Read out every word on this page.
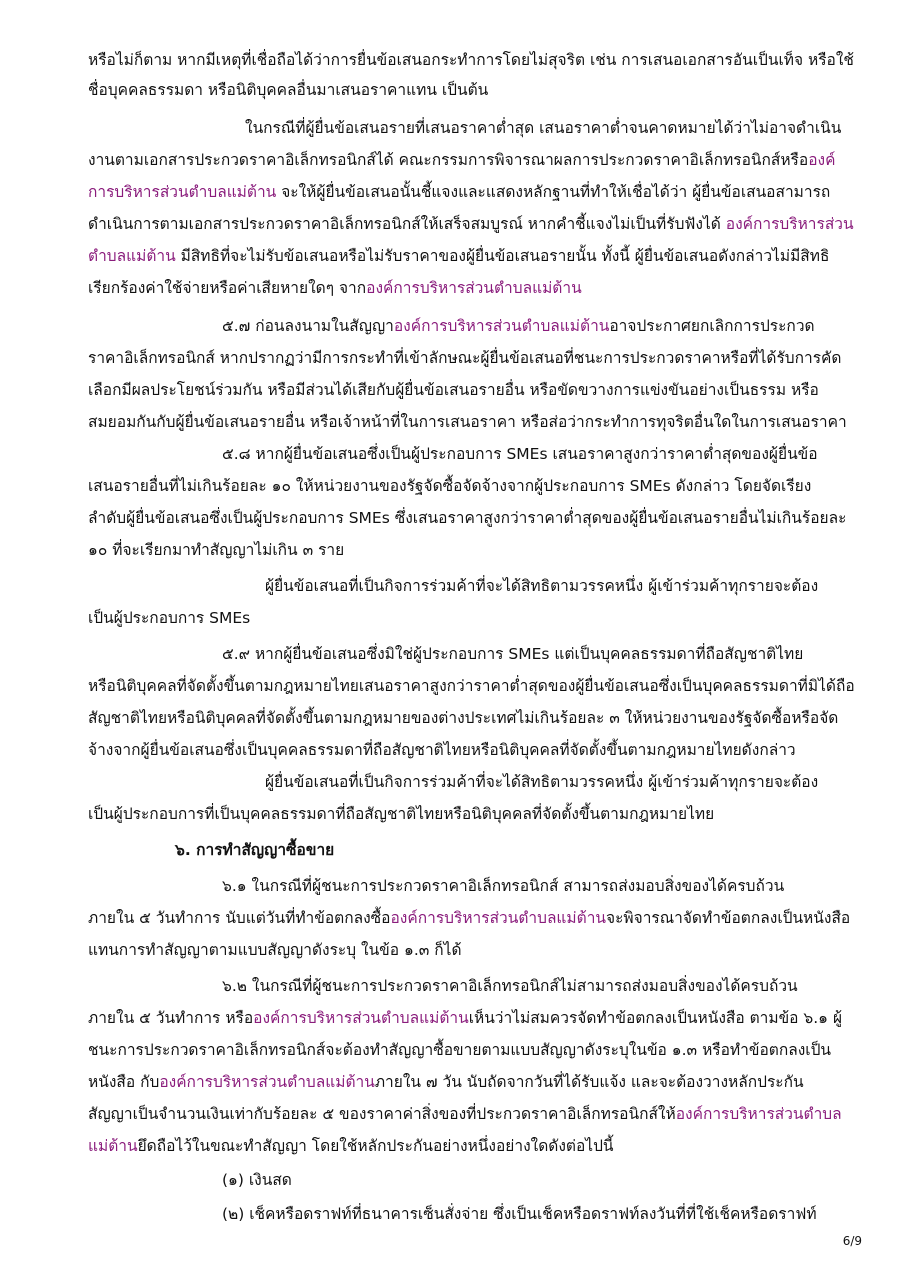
หรือไม่ก็ตาม หากมีเหตุที่เชื่อถือได้ว่าการยื่นข้อเสนอกระทำการโดยไม่สุจริต เช่น การเสนอเอกสารอันเป็นเท็จ หรือใช้
ชื่อบุคคลธรรมดา หรือนิติบุคคลอื่นมาเสนอราคาแทน เป็นต้น
ในกรณีที่ผู้ยื่นข้อเสนอรายที่เสนอราคาต่ำสุด เสนอราคาต่ำจนคาดหมายได้ว่าไม่อาจดำเนิน
งานตามเอกสารประกวดราคาอิเล็กทรอนิกส์ได้ คณะกรรมการพิจารณาผลการประกวดราคาอิเล็กทรอนิกส์หรือองค์
การบริหารส่วนตำบลแม่ต้าน จะให้ผู้ยื่นข้อเสนอนั้นชี้แจงและแสดงหลักฐานที่ทำให้เชื่อได้ว่า ผู้ยื่นข้อเสนอสามารถ
ดำเนินการตามเอกสารประกวดราคาอิเล็กทรอนิกส์ให้เสร็จสมบูรณ์ หากคำชี้แจงไม่เป็นที่รับฟังได้ องค์การบริหารส่วน
ตำบลแม่ต้าน มีสิทธิที่จะไม่รับข้อเสนอหรือไม่รับราคาของผู้ยื่นข้อเสนอรายนั้น ทั้งนี้ ผู้ยื่นข้อเสนอดังกล่าวไม่มีสิทธิ
เรียกร้องค่าใช้จ่ายหรือค่าเสียหายใดๆ จากองค์การบริหารส่วนตำบลแม่ต้าน
๕.๗ ก่อนลงนามในสัญญาองค์การบริหารส่วนตำบลแม่ต้านอาจประกาศยกเลิกการประกวด
ราคาอิเล็กทรอนิกส์ หากปรากฏว่ามีการกระทำที่เข้าลักษณะผู้ยื่นข้อเสนอที่ชนะการประกวดราคาหรือที่ได้รับการคัด
เลือกมีผลประโยชน์ร่วมกัน หรือมีส่วนได้เสียกับผู้ยื่นข้อเสนอรายอื่น หรือขัดขวางการแข่งขันอย่างเป็นธรรม หรือ
สมยอมกันกับผู้ยื่นข้อเสนอรายอื่น หรือเจ้าหน้าที่ในการเสนอราคา หรือส่อว่ากระทำการทุจริตอื่นใดในการเสนอราคา
๕.๘ หากผู้ยื่นข้อเสนอซึ่งเป็นผู้ประกอบการ SMEs เสนอราคาสูงกว่าราคาต่ำสุดของผู้ยื่นข้อ
เสนอรายอื่นที่ไม่เกินร้อยละ ๑๐ ให้หน่วยงานของรัฐจัดซื้อจัดจ้างจากผู้ประกอบการ SMEs ดังกล่าว โดยจัดเรียง
ลำดับผู้ยื่นข้อเสนอซึ่งเป็นผู้ประกอบการ SMEs ซึ่งเสนอราคาสูงกว่าราคาต่ำสุดของผู้ยื่นข้อเสนอรายอื่นไม่เกินร้อยละ
๑๐ ที่จะเรียกมาทำสัญญาไม่เกิน ๓ ราย
ผู้ยื่นข้อเสนอที่เป็นกิจการร่วมค้าที่จะได้สิทธิตามวรรคหนึ่ง ผู้เข้าร่วมค้าทุกรายจะต้อง
เป็นผู้ประกอบการ SMEs
๕.๙ หากผู้ยื่นข้อเสนอซึ่งมิใช่ผู้ประกอบการ SMEs แต่เป็นบุคคลธรรมดาที่ถือสัญชาติไทย
หรือนิติบุคคลที่จัดตั้งขึ้นตามกฎหมายไทยเสนอราคาสูงกว่าราคาต่ำสุดของผู้ยื่นข้อเสนอซึ่งเป็นบุคคลธรรมดาที่มิได้ถือ
สัญชาติไทยหรือนิติบุคคลที่จัดตั้งขึ้นตามกฎหมายของต่างประเทศไม่เกินร้อยละ ๓ ให้หน่วยงานของรัฐจัดซื้อหรือจัด
จ้างจากผู้ยื่นข้อเสนอซึ่งเป็นบุคคลธรรมดาที่ถือสัญชาติไทยหรือนิติบุคคลที่จัดตั้งขึ้นตามกฎหมายไทยดังกล่าว
ผู้ยื่นข้อเสนอที่เป็นกิจการร่วมค้าที่จะได้สิทธิตามวรรคหนึ่ง ผู้เข้าร่วมค้าทุกรายจะต้อง
เป็นผู้ประกอบการที่เป็นบุคคลธรรมดาที่ถือสัญชาติไทยหรือนิติบุคคลที่จัดตั้งขึ้นตามกฎหมายไทย
๖. การทำสัญญาซื้อขาย
๖.๑ ในกรณีที่ผู้ชนะการประกวดราคาอิเล็กทรอนิกส์ สามารถส่งมอบสิ่งของได้ครบถ้วน
ภายใน ๕ วันทำการ นับแต่วันที่ทำข้อตกลงซื้อองค์การบริหารส่วนตำบลแม่ต้านจะพิจารณาจัดทำข้อตกลงเป็นหนังสือ
แทนการทำสัญญาตามแบบสัญญาดังระบุ ในข้อ ๑.๓ ก็ได้
๖.๒ ในกรณีที่ผู้ชนะการประกวดราคาอิเล็กทรอนิกส์ไม่สามารถส่งมอบสิ่งของได้ครบถ้วน
ภายใน ๕ วันทำการ หรือองค์การบริหารส่วนตำบลแม่ต้านเห็นว่าไม่สมควรจัดทำข้อตกลงเป็นหนังสือ ตามข้อ ๖.๑ ผู้
ชนะการประกวดราคาอิเล็กทรอนิกส์จะต้องทำสัญญาซื้อขายตามแบบสัญญาดังระบุในข้อ ๑.๓ หรือทำข้อตกลงเป็น
หนังสือ กับองค์การบริหารส่วนตำบลแม่ต้านภายใน ๗ วัน นับถัดจากวันที่ได้รับแจ้ง และจะต้องวางหลักประกัน
สัญญาเป็นจำนวนเงินเท่ากับร้อยละ ๕ ของราคาค่าสิ่งของที่ประกวดราคาอิเล็กทรอนิกส์ให้องค์การบริหารส่วนตำบล
แม่ต้านยึดถือไว้ในขณะทำสัญญา โดยใช้หลักประกันอย่างหนึ่งอย่างใดดังต่อไปนี้
(๑) เงินสด
(๒) เช็คหรือดราฟท์ที่ธนาคารเซ็นสั่งจ่าย ซึ่งเป็นเช็คหรือดราฟท์ลงวันที่ที่ใช้เช็คหรือดราฟท์
6/9
